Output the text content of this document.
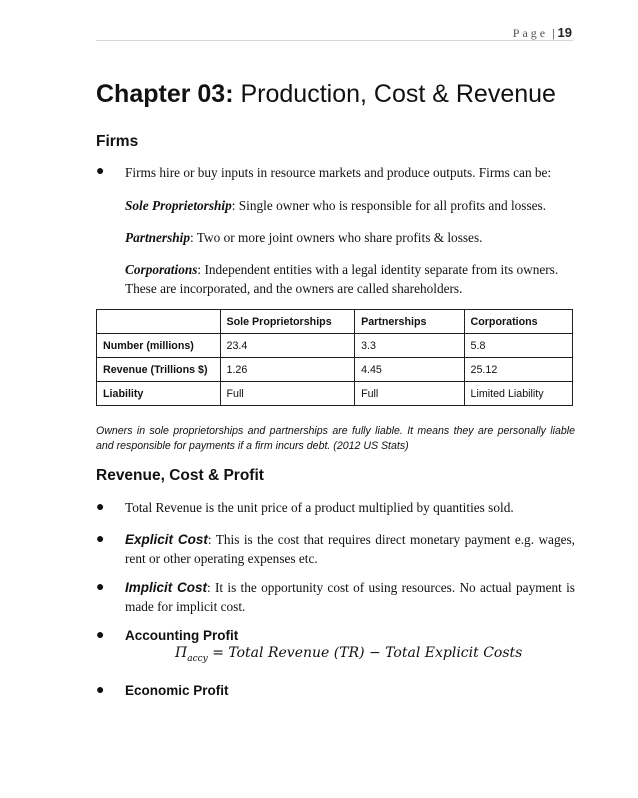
Page | 19
Chapter 03: Production, Cost & Revenue
Firms
● Firms hire or buy inputs in resource markets and produce outputs. Firms can be:
Sole Proprietorship: Single owner who is responsible for all profits and losses.
Partnership: Two or more joint owners who share profits & losses.
Corporations: Independent entities with a legal identity separate from its owners. These are incorporated, and the owners are called shareholders.
	Sole Proprietorships	Partnerships	Corporations
Number (millions)	23.4	3.3	5.8
Revenue (Trillions $)	1.26	4.45	25.12
Liability	Full	Full	Limited Liability
Owners in sole proprietorships and partnerships are fully liable. It means they are personally liable and responsible for payments if a firm incurs debt. (2012 US Stats)
Revenue, Cost & Profit
● Total Revenue is the unit price of a product multiplied by quantities sold.
● Explicit Cost: This is the cost that requires direct monetary payment e.g. wages, rent or other operating expenses etc.
● Implicit Cost: It is the opportunity cost of using resources. No actual payment is made for implicit cost.
● Accounting Profit
$\Pi_{accy}$ = Total Revenue (TR) − Total Explicit Costs
● Economic Profit
